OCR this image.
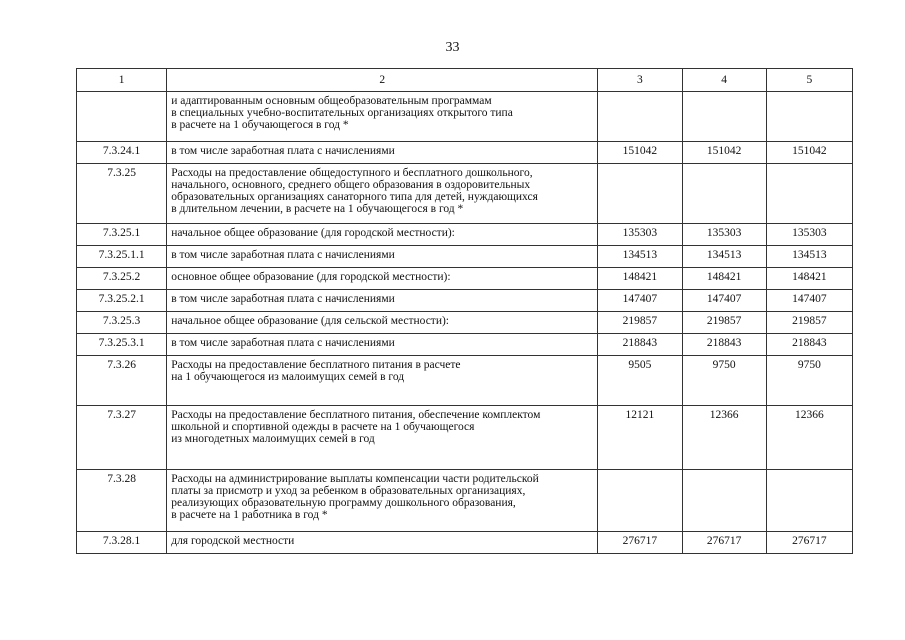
33
1	2	3	4	5

	и адаптированным основным общеобразовательным программам
в специальных учебно-воспитательных организациях открытого типа
в расчете на 1 обучающегося в год *			

7.3.24.1	в том числе заработная плата с начислениями	151042	151042	151042
7.3.25	Расходы на предоставление общедоступного и бесплатного дошкольного,
начального, основного, среднего общего образования в оздоровительных
образовательных организациях санаторного типа для детей, нуждающихся
в длительном лечении, в расчете на 1 обучающегося в год *			

7.3.25.1	начальное общее образование (для городской местности):	135303	135303	135303
7.3.25.1.1	в том числе заработная плата с начислениями	134513	134513	134513
7.3.25.2	основное общее образование (для городской местности):	148421	148421	148421
7.3.25.2.1	в том числе заработная плата с начислениями	147407	147407	147407
7.3.25.3	начальное общее образование (для сельской местности):	219857	219857	219857
7.3.25.3.1	в том числе заработная плата с начислениями	218843	218843	218843
7.3.26	Расходы на предоставление бесплатного питания в расчете
на 1 обучающегося из малоимущих семей в год	9505	9750	9750
7.3.27	Расходы на предоставление бесплатного питания, обеспечение комплектом
школьной и спортивной одежды в расчете на 1 обучающегося
из многодетных малоимущих семей в год	12121	12366	12366
7.3.28	Расходы на администрирование выплаты компенсации части родительской
платы за присмотр и уход за ребенком в образовательных организациях,
реализующих образовательную программу дошкольного образования,
в расчете на 1 работника в год *			

7.3.28.1	для городской местности	276717	276717	276717
